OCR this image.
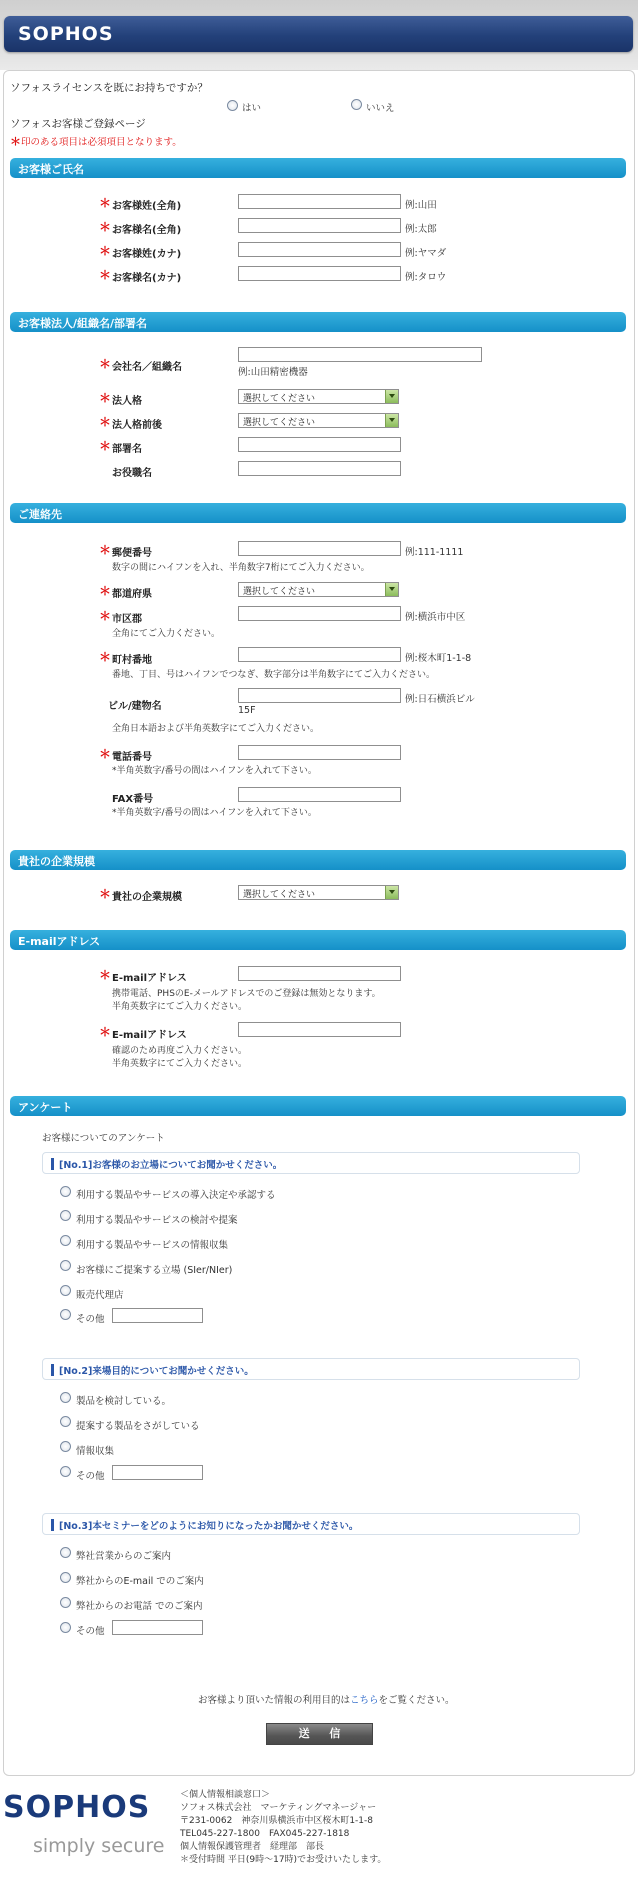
SOPHOS
ソフォスライセンスを既にお持ちですか？
はい	いいえ
ソフォスお客様ご登録ページ
＊印のある項目は必須項目となります。
お客様ご氏名
＊ お客様姓(全角)	例:山田
＊ お客様名(全角)	例:太郎
＊ お客様姓(カナ)	例:ヤマダ
＊ お客様名(カナ)	例:タロウ
お客様法人/組織名/部署名
＊ 会社名／組織名	例:山田精密機器
＊ 法人格	選択してください
＊ 法人格前後	選択してください
＊ 部署名
お役職名
ご連絡先
＊ 郵便番号	例:111-1111
数字の間にハイフンを入れ、半角数字7桁にてご入力ください。
＊ 都道府県	選択してください
＊ 市区郡	例:横浜市中区
全角にてご入力ください。
＊ 町村番地	例:桜木町1-1-8
番地、丁目、号はハイフンでつなぎ、数字部分は半角数字にてご入力ください。
ビル/建物名
例:日石横浜ビル
15F
全角日本語および半角英数字にてご入力ください。
＊ 電話番号
*半角英数字/番号の間はハイフンを入れて下さい。
FAX番号
*半角英数字/番号の間はハイフンを入れて下さい。
貴社の企業規模
＊ 貴社の企業規模	選択してください
E-mailアドレス
＊ E-mailアドレス
携帯電話、PHSのE-メールアドレスでのご登録は無効となります。
半角英数字にてご入力ください。
＊ E-mailアドレス
確認のため再度ご入力ください。
半角英数字にてご入力ください。
アンケート
お客様についてのアンケート
[No.1]お客様のお立場についてお聞かせください。
利用する製品やサービスの導入決定や承認する
利用する製品やサービスの検討や提案
利用する製品やサービスの情報収集
お客様にご提案する立場 (SIer/NIer)
販売代理店
その他
[No.2]来場目的についてお聞かせください。
製品を検討している。
提案する製品をさがしている
情報収集
その他
[No.3]本セミナーをどのようにお知りになったかお聞かせください。
弊社営業からのご案内
弊社からのE-mail でのご案内
弊社からのお電話 でのご案内
その他
お客様より頂いた情報の利用目的はこちらをご覧ください。
送 信
SOPHOS
simply secure
＜個人情報相談窓口＞
ソフォス株式会社　マーケティングマネージャー
〒231-0062　神奈川県横浜市中区桜木町1-1-8
TEL045-227-1800　FAX045-227-1818
個人情報保護管理者　経理部　部長
＊受付時間 平日(9時〜17時)でお受けいたします。
